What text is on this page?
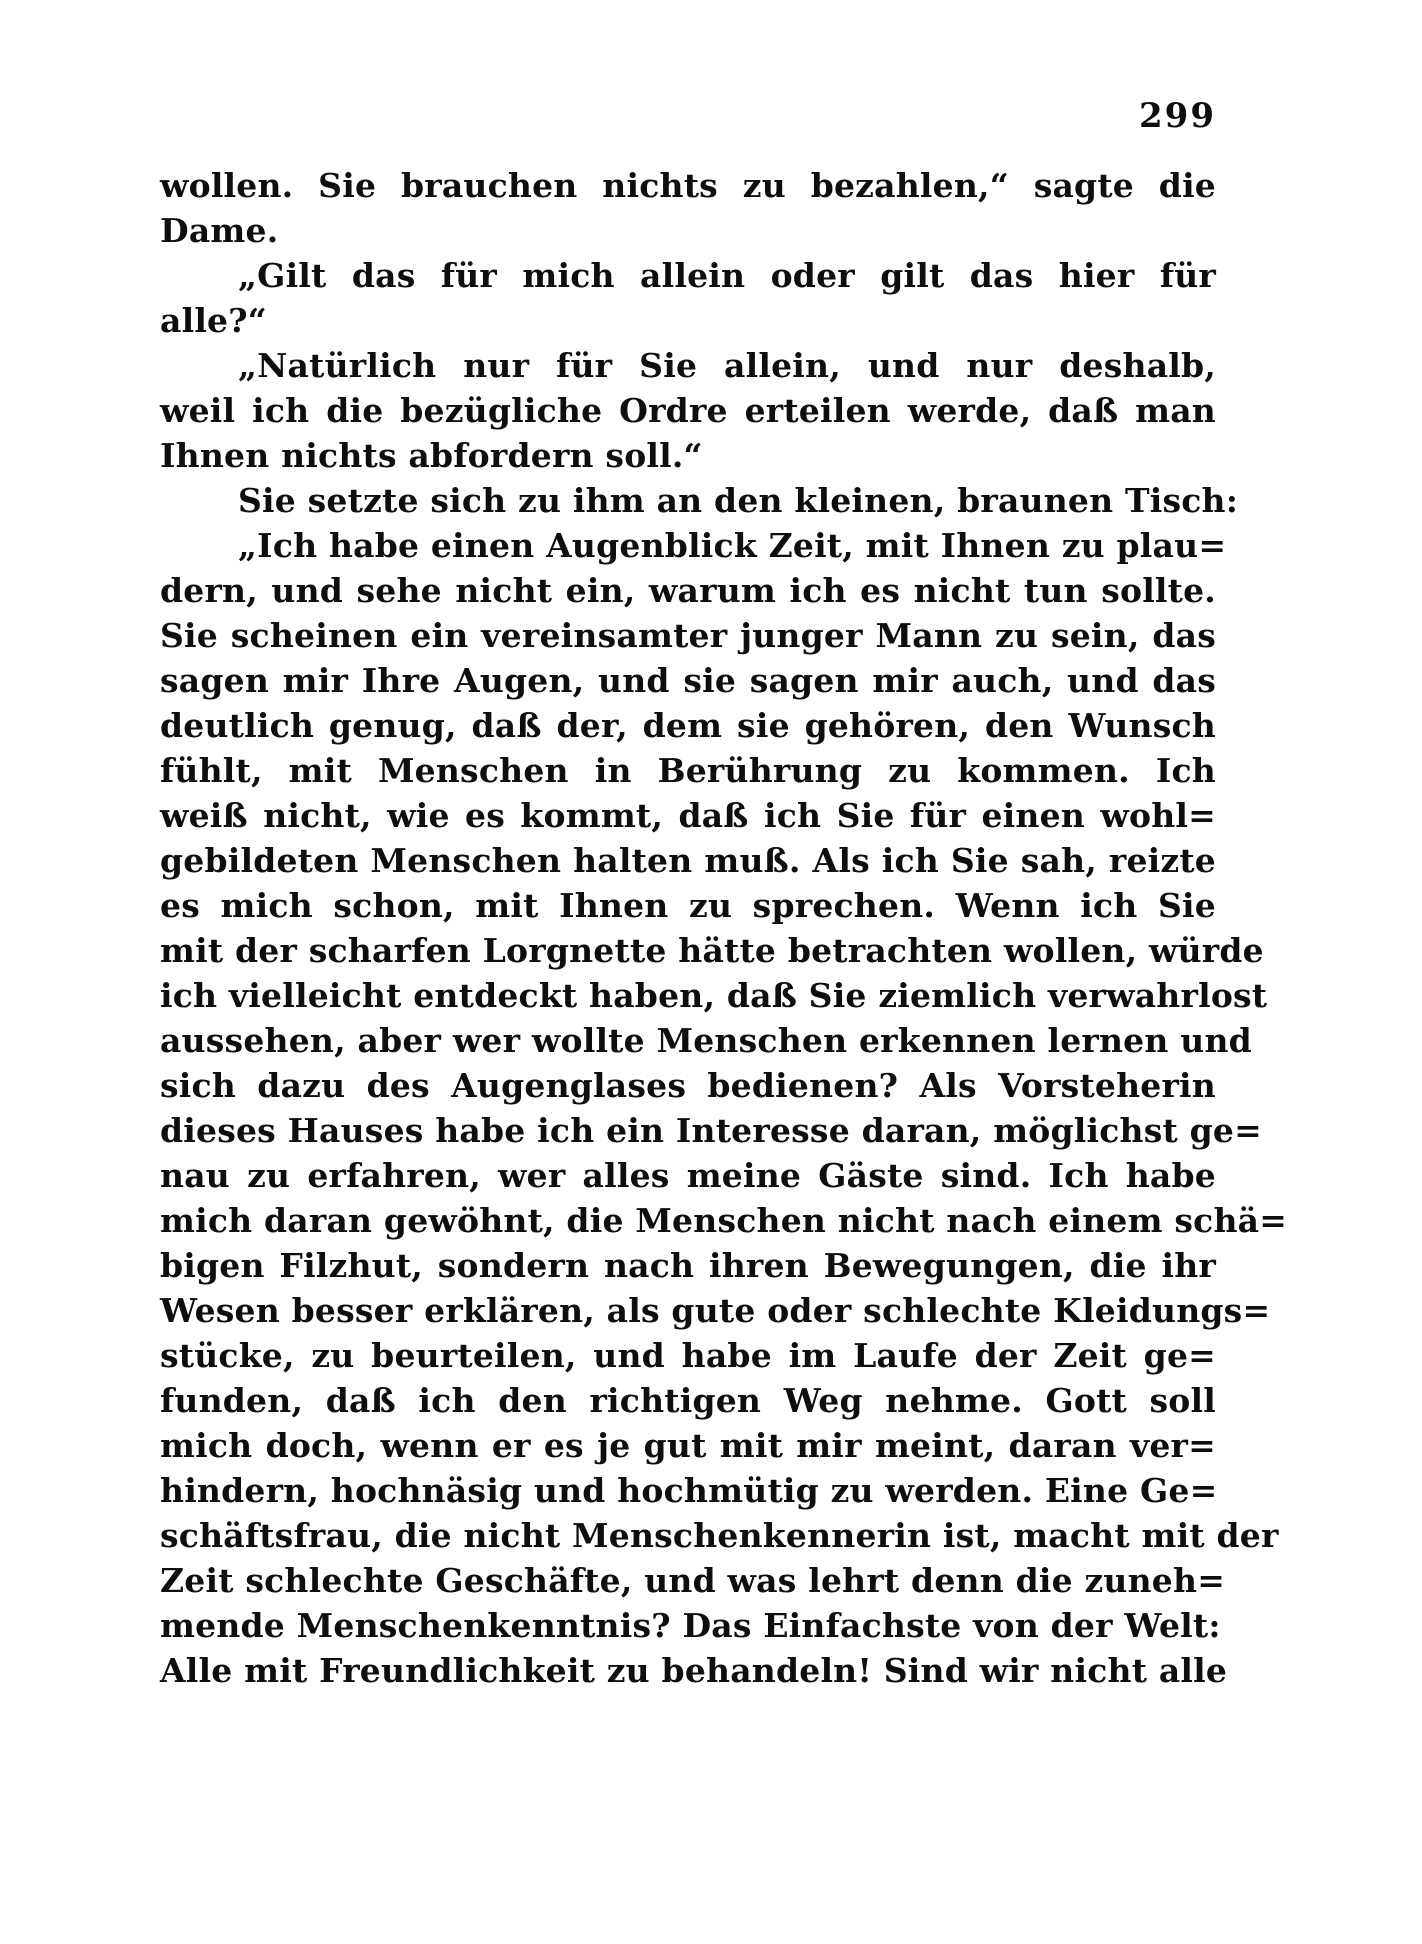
299
wollen. Sie brauchen nichts zu bezahlen,“ sagte die
Dame.
„Gilt das für mich allein oder gilt das hier für
alle?“
„Natürlich nur für Sie allein, und nur deshalb,
weil ich die bezügliche Ordre erteilen werde, daß man
Ihnen nichts abfordern soll.“
Sie setzte sich zu ihm an den kleinen, braunen Tisch:
„Ich habe einen Augenblick Zeit, mit Ihnen zu plau=
dern, und sehe nicht ein, warum ich es nicht tun sollte.
Sie scheinen ein vereinsamter junger Mann zu sein, das
sagen mir Ihre Augen, und sie sagen mir auch, und das
deutlich genug, daß der, dem sie gehören, den Wunsch
fühlt, mit Menschen in Berührung zu kommen. Ich
weiß nicht, wie es kommt, daß ich Sie für einen wohl=
gebildeten Menschen halten muß. Als ich Sie sah, reizte
es mich schon, mit Ihnen zu sprechen. Wenn ich Sie
mit der scharfen Lorgnette hätte betrachten wollen, würde
ich vielleicht entdeckt haben, daß Sie ziemlich verwahrlost
aussehen, aber wer wollte Menschen erkennen lernen und
sich dazu des Augenglases bedienen? Als Vorsteherin
dieses Hauses habe ich ein Interesse daran, möglichst ge=
nau zu erfahren, wer alles meine Gäste sind. Ich habe
mich daran gewöhnt, die Menschen nicht nach einem schä=
bigen Filzhut, sondern nach ihren Bewegungen, die ihr
Wesen besser erklären, als gute oder schlechte Kleidungs=
stücke, zu beurteilen, und habe im Laufe der Zeit ge=
funden, daß ich den richtigen Weg nehme. Gott soll
mich doch, wenn er es je gut mit mir meint, daran ver=
hindern, hochnäsig und hochmütig zu werden. Eine Ge=
schäftsfrau, die nicht Menschenkennerin ist, macht mit der
Zeit schlechte Geschäfte, und was lehrt denn die zuneh=
mende Menschenkenntnis? Das Einfachste von der Welt:
Alle mit Freundlichkeit zu behandeln! Sind wir nicht alle
